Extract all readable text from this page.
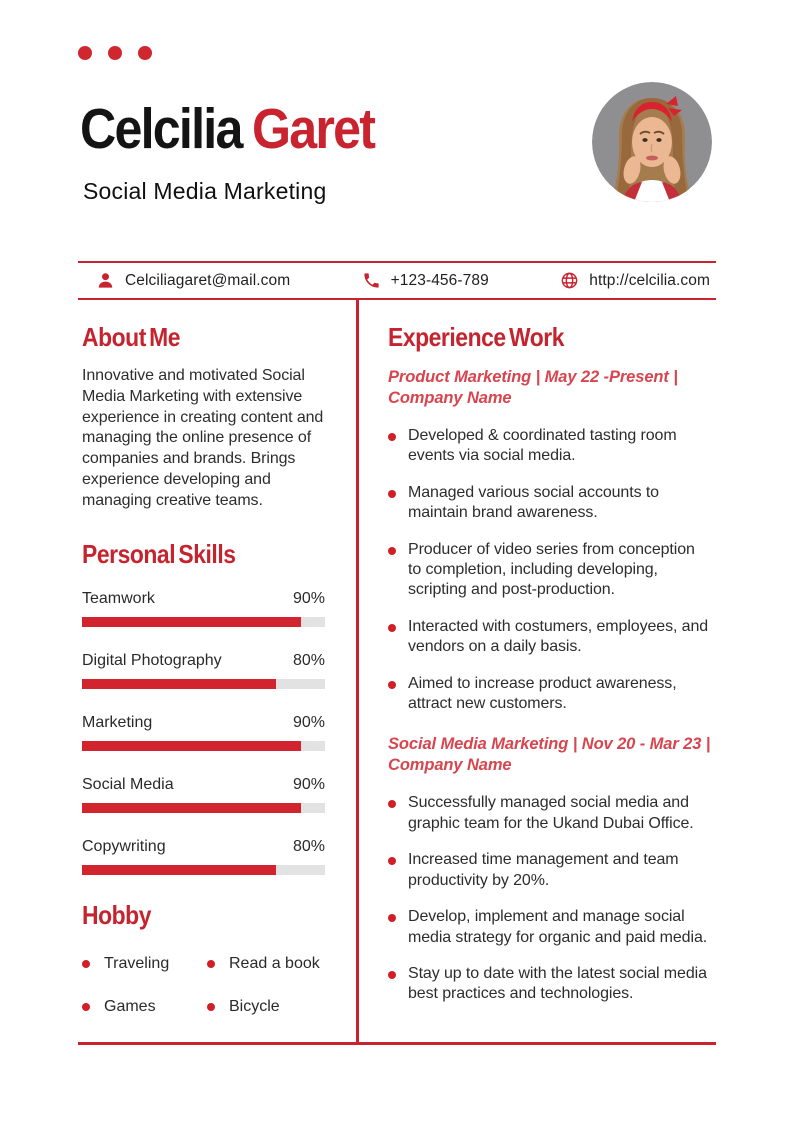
Celcilia Garet
Social Media Marketing
Celciliagaret@mail.com	+123-456-789	http://celcilia.com
About Me

Innovative and motivated Social Media Marketing with extensive experience in creating content and managing the online presence of companies and brands. Brings experience developing and managing creative teams.

Personal Skills
Teamwork	90%
Digital Photography	80%
Marketing	90%
Social Media	90%
Copywriting	80%
Hobby
Traveling	Read a book
Games	Bicycle
Experience Work
Product Marketing | May 22 -Present |
Company Name
Developed & coordinated tasting room events via social media.
Managed various social accounts to maintain brand awareness.
Producer of video series from conception to completion, including developing, scripting and post-production.
Interacted with costumers, employees, and vendors on a daily basis.
Aimed to increase product awareness, attract new customers.
Social Media Marketing | Nov 20 - Mar 23 |
Company Name
Successfully managed social media and graphic team for the Ukand Dubai Office.
Increased time management and team productivity by 20%.
Develop, implement and manage social media strategy for organic and paid media.
Stay up to date with the latest social media best practices and technologies.
